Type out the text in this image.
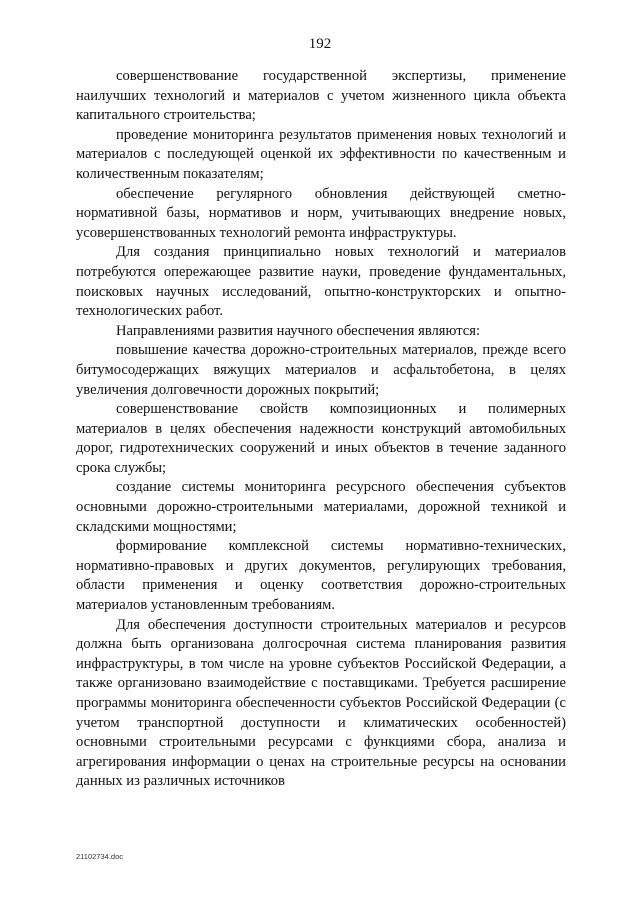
192

совершенствование государственной экспертизы, применение наилучших технологий и материалов с учетом жизненного цикла объекта капитального строительства;

проведение мониторинга результатов применения новых технологий и материалов с последующей оценкой их эффективности по качественным и количественным показателям;

обеспечение регулярного обновления действующей сметно-нормативной базы, нормативов и норм, учитывающих внедрение новых, усовершенствованных технологий ремонта инфраструктуры.

Для создания принципиально новых технологий и материалов потребуются опережающее развитие науки, проведение фундаментальных, поисковых научных исследований, опытно-конструкторских и опытно-технологических работ.

Направлениями развития научного обеспечения являются:

повышение качества дорожно-строительных материалов, прежде всего битумосодержащих вяжущих материалов и асфальтобетона, в целях увеличения долговечности дорожных покрытий;

совершенствование свойств композиционных и полимерных материалов в целях обеспечения надежности конструкций автомобильных дорог, гидротехнических сооружений и иных объектов в течение заданного срока службы;

создание системы мониторинга ресурсного обеспечения субъектов основными дорожно-строительными материалами, дорожной техникой и складскими мощностями;

формирование комплексной системы нормативно-технических, нормативно-правовых и других документов, регулирующих требования, области применения и оценку соответствия дорожно-строительных материалов установленным требованиям.

Для обеспечения доступности строительных материалов и ресурсов должна быть организована долгосрочная система планирования развития инфраструктуры, в том числе на уровне субъектов Российской Федерации, а также организовано взаимодействие с поставщиками. Требуется расширение программы мониторинга обеспеченности субъектов Российской Федерации (с учетом транспортной доступности и климатических особенностей) основными строительными ресурсами с функциями сбора, анализа и агрегирования информации о ценах на строительные ресурсы на основании данных из различных источников

21102734.doc
